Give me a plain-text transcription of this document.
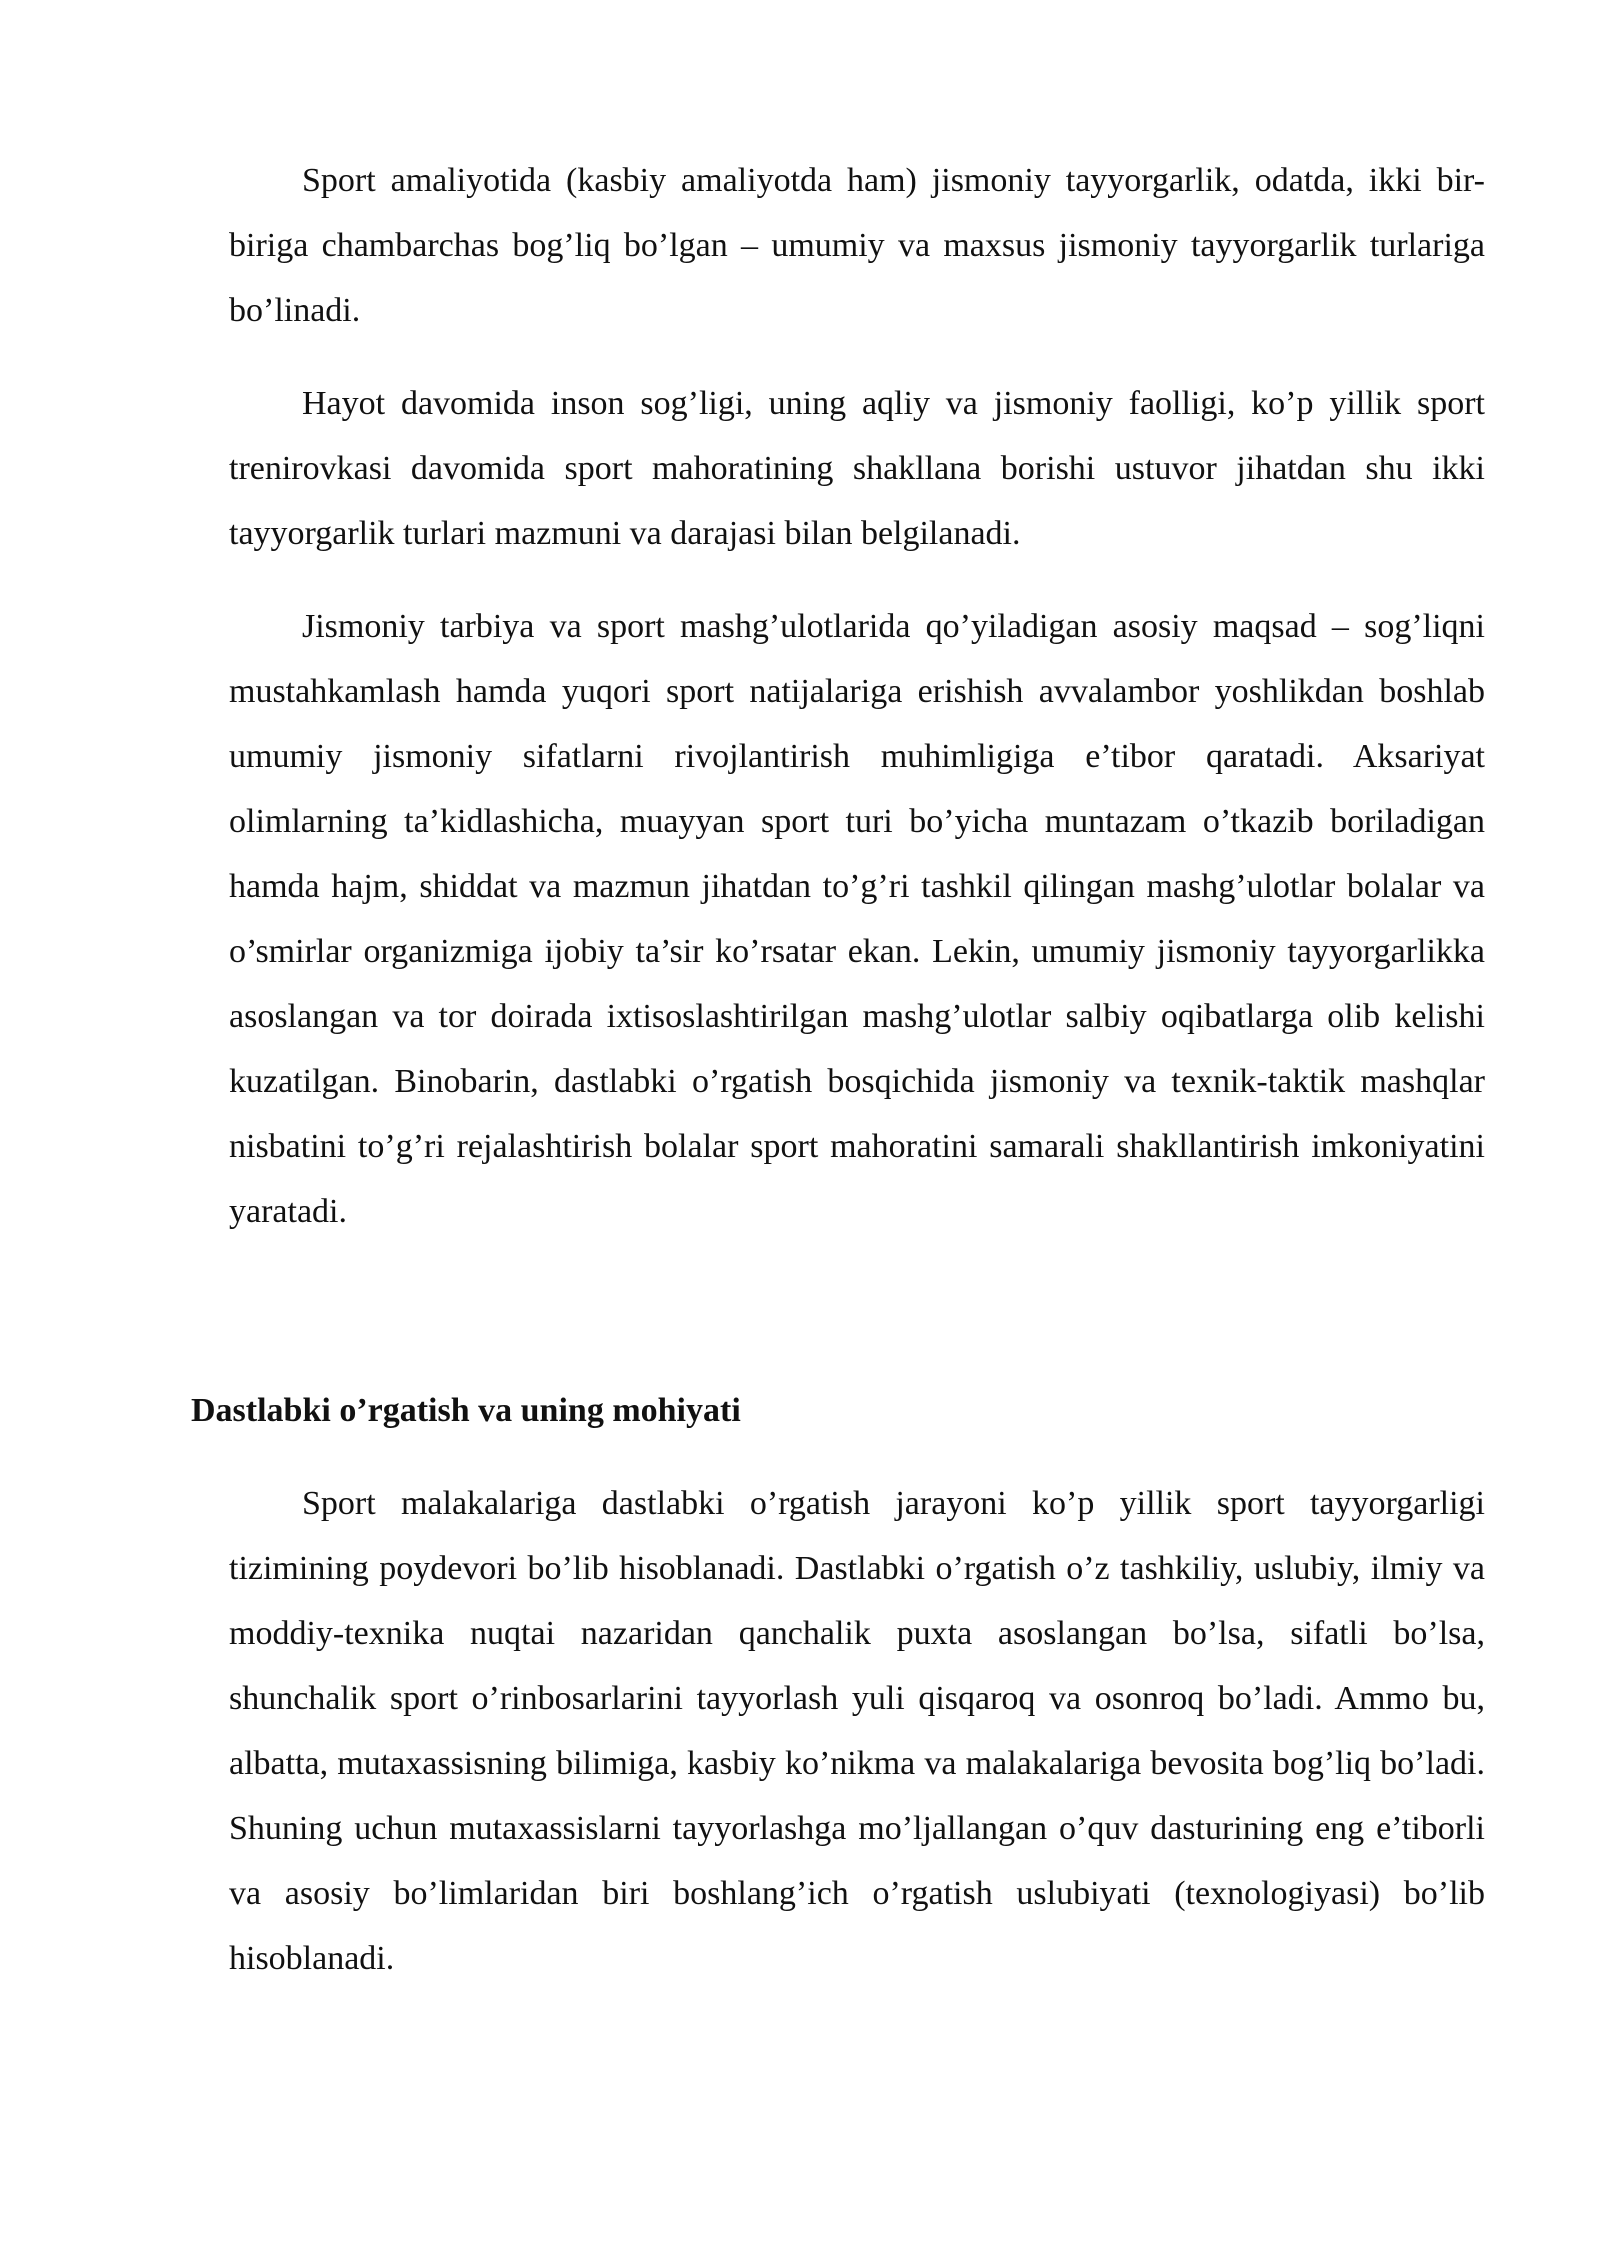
Sport amaliyotida (kasbiy amaliyotda ham) jismoniy tayyorgarlik, odatda, ikki bir-biriga chambarchas bog’liq bo’lgan – umumiy va maxsus jismoniy tayyorgarlik turlariga bo’linadi.

Hayot davomida inson sog’ligi, uning aqliy va jismoniy faolligi, ko’p yillik sport trenirovkasi davomida sport mahoratining shakllana borishi ustuvor jihatdan shu ikki tayyorgarlik turlari mazmuni va darajasi bilan belgilanadi.

Jismoniy tarbiya va sport mashg’ulotlarida qo’yiladigan asosiy maqsad – sog’liqni mustahkamlash hamda yuqori sport natijalariga erishish avvalambor yoshlikdan boshlab umumiy jismoniy sifatlarni rivojlantirish muhimligiga e’tibor qaratadi. Aksariyat olimlarning ta’kidlashicha, muayyan sport turi bo’yicha muntazam o’tkazib boriladigan hamda hajm, shiddat va mazmun jihatdan to’g’ri tashkil qilingan mashg’ulotlar bolalar va o’smirlar organizmiga ijobiy ta’sir ko’rsatar ekan. Lekin, umumiy jismoniy tayyorgarlikka asoslangan va tor doirada ixtisoslashtirilgan mashg’ulotlar salbiy oqibatlarga olib kelishi kuzatilgan. Binobarin, dastlabki o’rgatish bosqichida jismoniy va texnik-taktik mashqlar nisbatini to’g’ri rejalashtirish bolalar sport mahoratini samarali shakllantirish imkoniyatini yaratadi.

Dastlabki o’rgatish va uning mohiyati

Sport malakalariga dastlabki o’rgatish jarayoni ko’p yillik sport tayyorgarligi tizimining poydevori bo’lib hisoblanadi. Dastlabki o’rgatish o’z tashkiliy, uslubiy, ilmiy va moddiy-texnika nuqtai nazaridan qanchalik puxta asoslangan bo’lsa, sifatli bo’lsa, shunchalik sport o’rinbosarlarini tayyorlash yuli qisqaroq va osonroq bo’ladi. Ammo bu, albatta, mutaxassisning bilimiga, kasbiy ko’nikma va malakalariga bevosita bog’liq bo’ladi. Shuning uchun mutaxassislarni tayyorlashga mo’ljallangan o’quv dasturining eng e’tiborli va asosiy bo’limlaridan biri boshlang’ich o’rgatish uslubiyati (texnologiyasi) bo’lib hisoblanadi.
